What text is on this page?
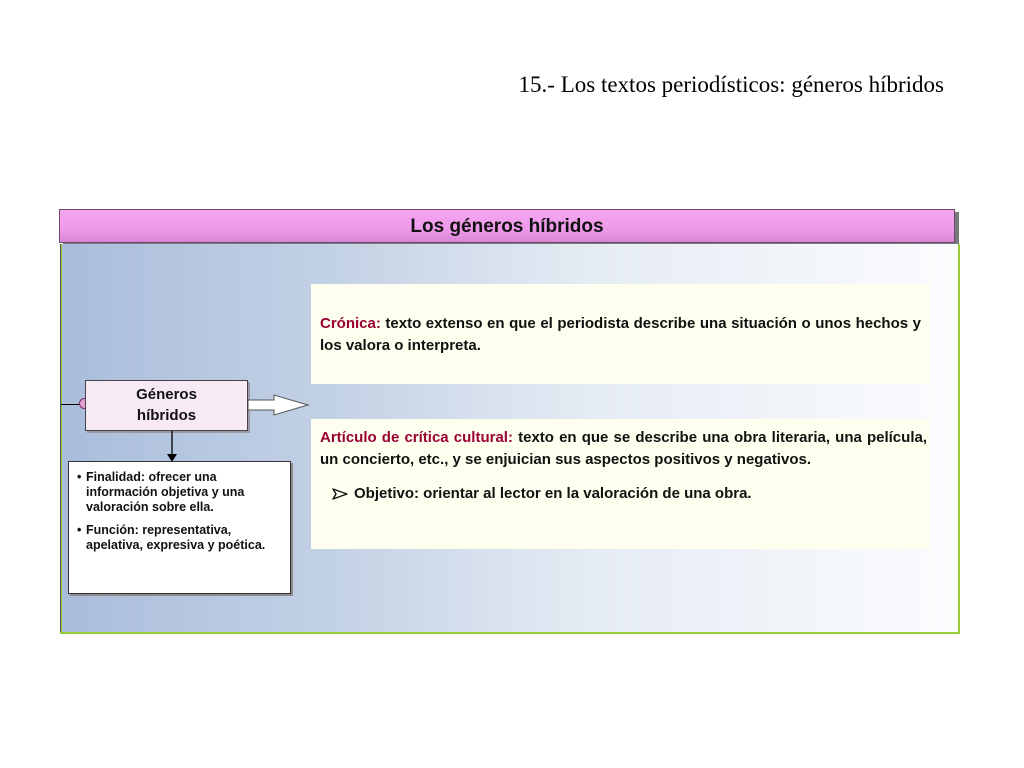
15.- Los textos periodísticos: géneros híbridos
Los géneros híbridos
Géneros
híbridos
• Finalidad: ofrecer una información objetiva y una valoración sobre ella.
• Función: representativa, apelativa, expresiva y poética.
Crónica: texto extenso en que el periodista describe una situación o unos hechos y los valora o interpreta.
Artículo de crítica cultural: texto en que se describe una obra literaria, una película, un concierto, etc., y se enjuician sus aspectos positivos y negativos.
Objetivo: orientar al lector en la valoración de una obra.
